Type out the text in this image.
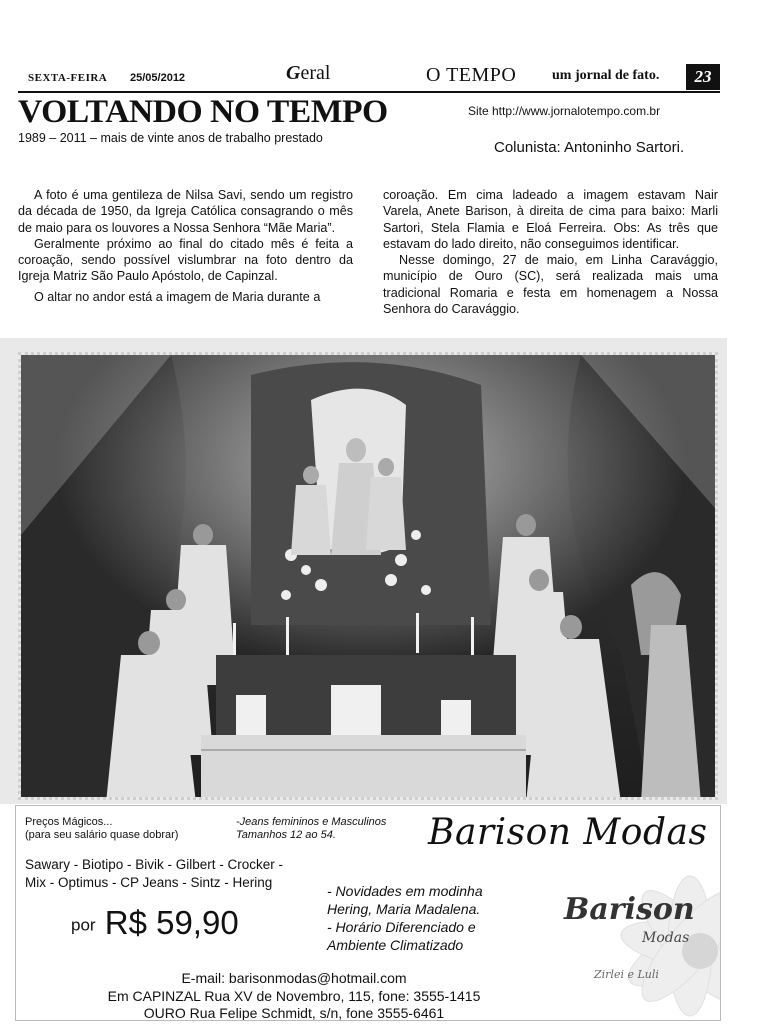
SEXTA-FEIRA 25/05/2012	Geral	O TEMPO	um jornal de fato.	23
VOLTANDO NO TEMPO
1989 – 2011 – mais de vinte anos de trabalho prestado
Site http://www.jornalotempo.com.br
Colunista: Antoninho Sartori.

A foto é uma gentileza de Nilsa Savi, sendo um registro da década de 1950, da Igreja Católica consagrando o mês de maio para os louvores a Nossa Senhora “Mãe Maria”.

Geralmente próximo ao final do citado mês é feita a coroação, sendo possível vislumbrar na foto dentro da Igreja Matriz São Paulo Apóstolo, de Capinzal.

O altar no andor está a imagem de Maria durante a

coroação. Em cima ladeado a imagem estavam Nair Varela, Anete Barison, à direita de cima para baixo: Marli Sartori, Stela Flamia e Eloá Ferreira. Obs: As três que estavam do lado direito, não conseguimos identificar.

Nesse domingo, 27 de maio, em Linha Caravággio, município de Ouro (SC), será realizada mais uma tradicional Romaria e festa em homenagem a Nossa Senhora do Caravággio.

Preços Mágicos...
(para seu salário quase dobrar)
-Jeans femininos e Masculinos
Tamanhos 12 ao 54.	Barison Modas
Sawary - Biotipo - Bivik - Gilbert - Crocker -
Mix - Optimus - CP Jeans - Sintz - Hering
por R$ 59,90
- Novidades em modinha
Hering, Maria Madalena.
- Horário Diferenciado e
Ambiente Climatizado
Barison
Modas
Zirlei e Luli
E-mail: barisonmodas@hotmail.com
Em CAPINZAL Rua XV de Novembro, 115, fone: 3555-1415
OURO Rua Felipe Schmidt, s/n, fone 3555-6461
